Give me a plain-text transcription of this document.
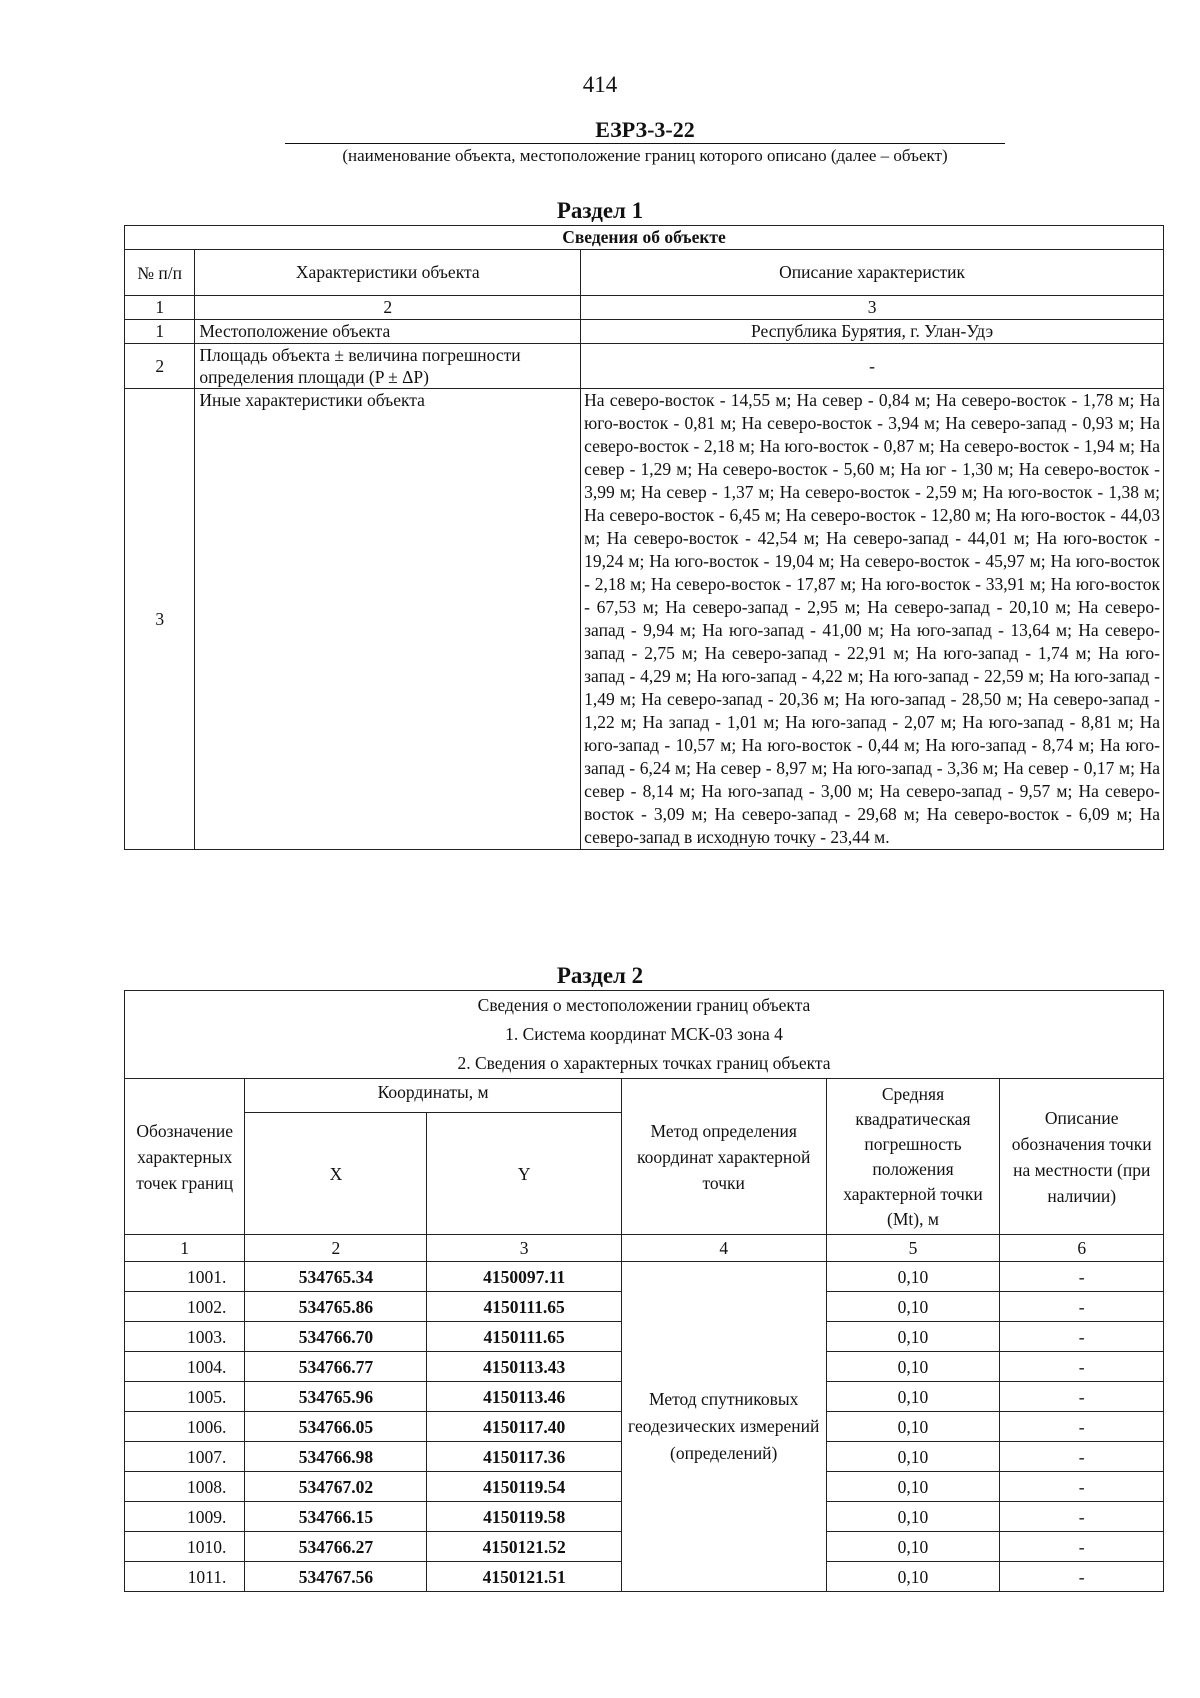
414
ЕЗРЗ-3-22
(наименование объекта, местоположение границ которого описано (далее – объект)
Раздел 1
Сведения об объекте		
№ п/п	Характеристики объекта	Описание характеристик
1	2	3
1	Местоположение объекта	Республика Бурятия, г. Улан-Удэ
2	Площадь объекта ± величина погрешности определения площади (P ± ΔP)	-
3	Иные характеристики объекта	На северо-восток - 14,55 м; На север - 0,84 м; На северо-восток - 1,78 м; На юго-восток - 0,81 м; На северо-восток - 3,94 м; На северо-запад - 0,93 м; На северо-восток - 2,18 м; На юго-восток - 0,87 м; На северо-восток - 1,94 м; На север - 1,29 м; На северо-восток - 5,60 м; На юг - 1,30 м; На северо-восток - 3,99 м; На север - 1,37 м; На северо-восток - 2,59 м; На юго-восток - 1,38 м; На северо-восток - 6,45 м; На северо-восток - 12,80 м; На юго-восток - 44,03 м; На северо-восток - 42,54 м; На северо-запад - 44,01 м; На юго-восток - 19,24 м; На юго-восток - 19,04 м; На северо-восток - 45,97 м; На юго-восток - 2,18 м; На северо-восток - 17,87 м; На юго-восток - 33,91 м; На юго-восток - 67,53 м; На северо-запад - 2,95 м; На северо-запад - 20,10 м; На северо-запад - 9,94 м; На юго-запад - 41,00 м; На юго-запад - 13,64 м; На северо-запад - 2,75 м; На северо-запад - 22,91 м; На юго-запад - 1,74 м; На юго-запад - 4,29 м; На юго-запад - 4,22 м; На юго-запад - 22,59 м; На юго-запад - 1,49 м; На северо-запад - 20,36 м; На юго-запад - 28,50 м; На северо-запад - 1,22 м; На запад - 1,01 м; На юго-запад - 2,07 м; На юго-запад - 8,81 м; На юго-запад - 10,57 м; На юго-восток - 0,44 м; На юго-запад - 8,74 м; На юго-запад - 6,24 м; На север - 8,97 м; На юго-запад - 3,36 м; На север - 0,17 м; На север - 8,14 м; На юго-запад - 3,00 м; На северо-запад - 9,57 м; На северо-восток - 3,09 м; На северо-запад - 29,68 м; На северо-восток - 6,09 м; На северо-запад в исходную точку - 23,44 м.
Раздел 2
Сведения о местоположении границ объекта
1. Система координат МСК-03 зона 4
2. Сведения о характерных точках границ объекта					

Обозначение характерных точек границ	Координаты, м		Метод определения координат характерной точки	Средняя квадратическая погрешность положения характерной точки (Mt), м	Описание обозначения точки на местности (при наличии)
	X	Y			
1	2	3	4	5	6
1001.	534765.34	4150097.11	Метод спутниковых геодезических измерений (определений)	0,10	-
1002.	534765.86	4150111.65		0,10	-
1003.	534766.70	4150111.65		0,10	-
1004.	534766.77	4150113.43		0,10	-
1005.	534765.96	4150113.46		0,10	-
1006.	534766.05	4150117.40		0,10	-
1007.	534766.98	4150117.36		0,10	-
1008.	534767.02	4150119.54		0,10	-
1009.	534766.15	4150119.58		0,10	-
1010.	534766.27	4150121.52		0,10	-
1011.	534767.56	4150121.51		0,10	-
